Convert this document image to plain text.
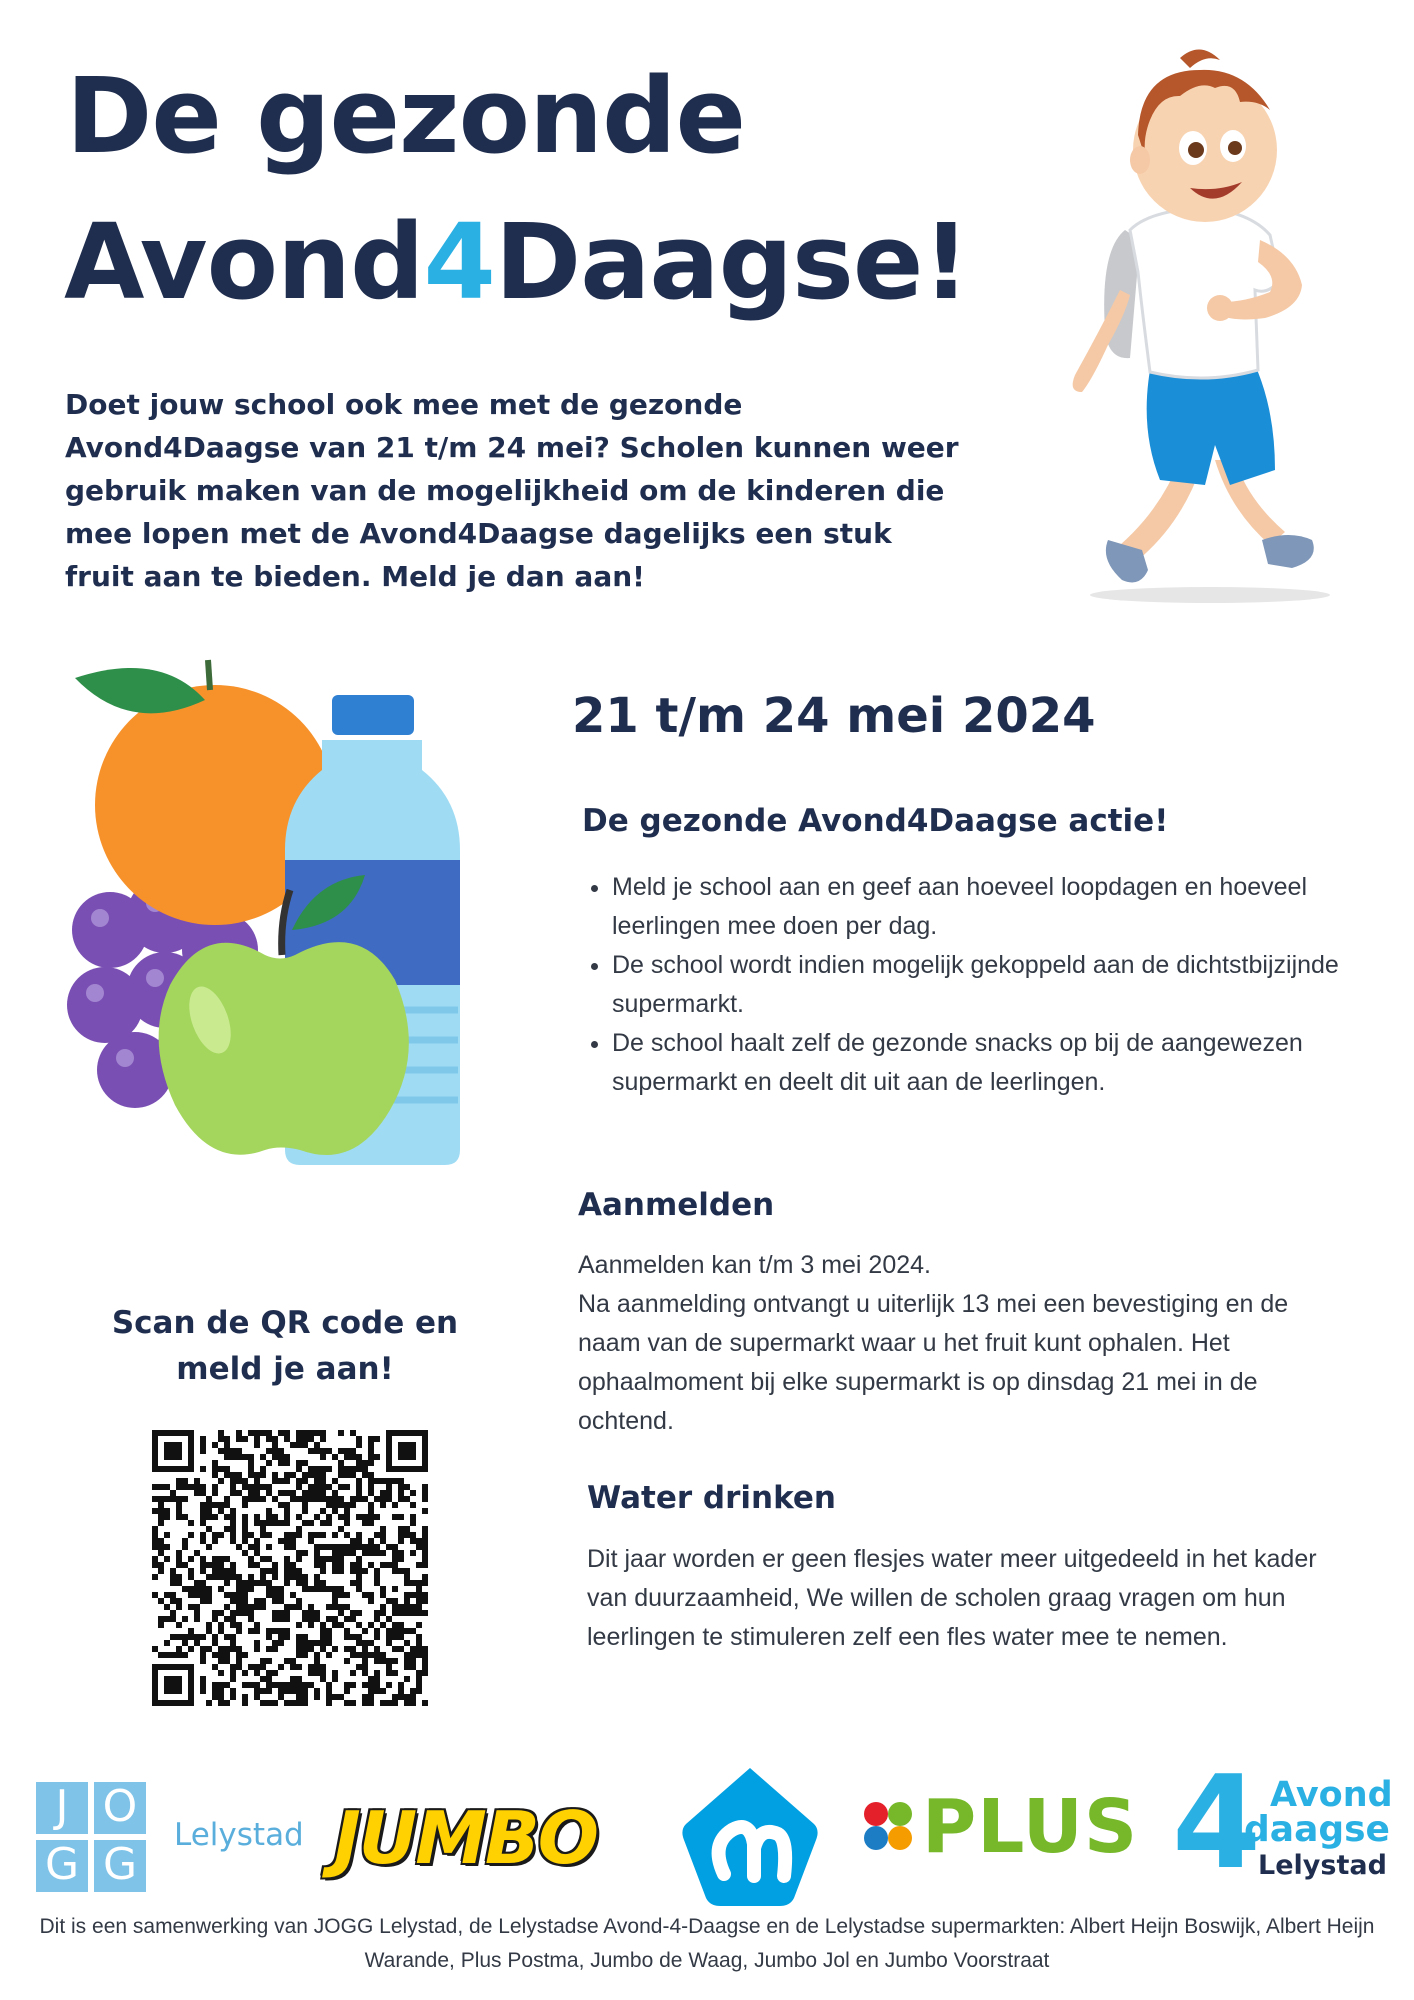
De gezonde
Avond4Daagse!
Doet jouw school ook mee met de gezonde Avond4Daagse van 21 t/m 24 mei? Scholen kunnen weer gebruik maken van de mogelijkheid om de kinderen die mee lopen met de Avond4Daagse dagelijks een stuk fruit aan te bieden. Meld je dan aan!
21 t/m 24 mei 2024
De gezonde Avond4Daagse actie!
• Meld je school aan en geef aan hoeveel loopdagen en hoeveel leerlingen mee doen per dag.
• De school wordt indien mogelijk gekoppeld aan de dichtstbijzijnde supermarkt.
• De school haalt zelf de gezonde snacks op bij de aangewezen supermarkt en deelt dit uit aan de leerlingen.
Aanmelden
Aanmelden kan t/m 3 mei 2024.
Na aanmelding ontvangt u uiterlijk 13 mei een bevestiging en de naam van de supermarkt waar u het fruit kunt ophalen. Het ophaalmoment bij elke supermarkt is op dinsdag 21 mei in de ochtend.
Water drinken
Dit jaar worden er geen flesjes water meer uitgedeeld in het kader van duurzaamheid, We willen de scholen graag vragen om hun leerlingen te stimuleren zelf een fles water mee te nemen.
Scan de QR code en
meld je aan!
J O
G G
Lelystad JUMBO	PLUS 4 Avond
daagse
Lelystad
Dit is een samenwerking van JOGG Lelystad, de Lelystadse Avond-4-Daagse en de Lelystadse supermarkten: Albert Heijn Boswijk, Albert Heijn Warande, Plus Postma, Jumbo de Waag, Jumbo Jol en Jumbo Voorstraat
